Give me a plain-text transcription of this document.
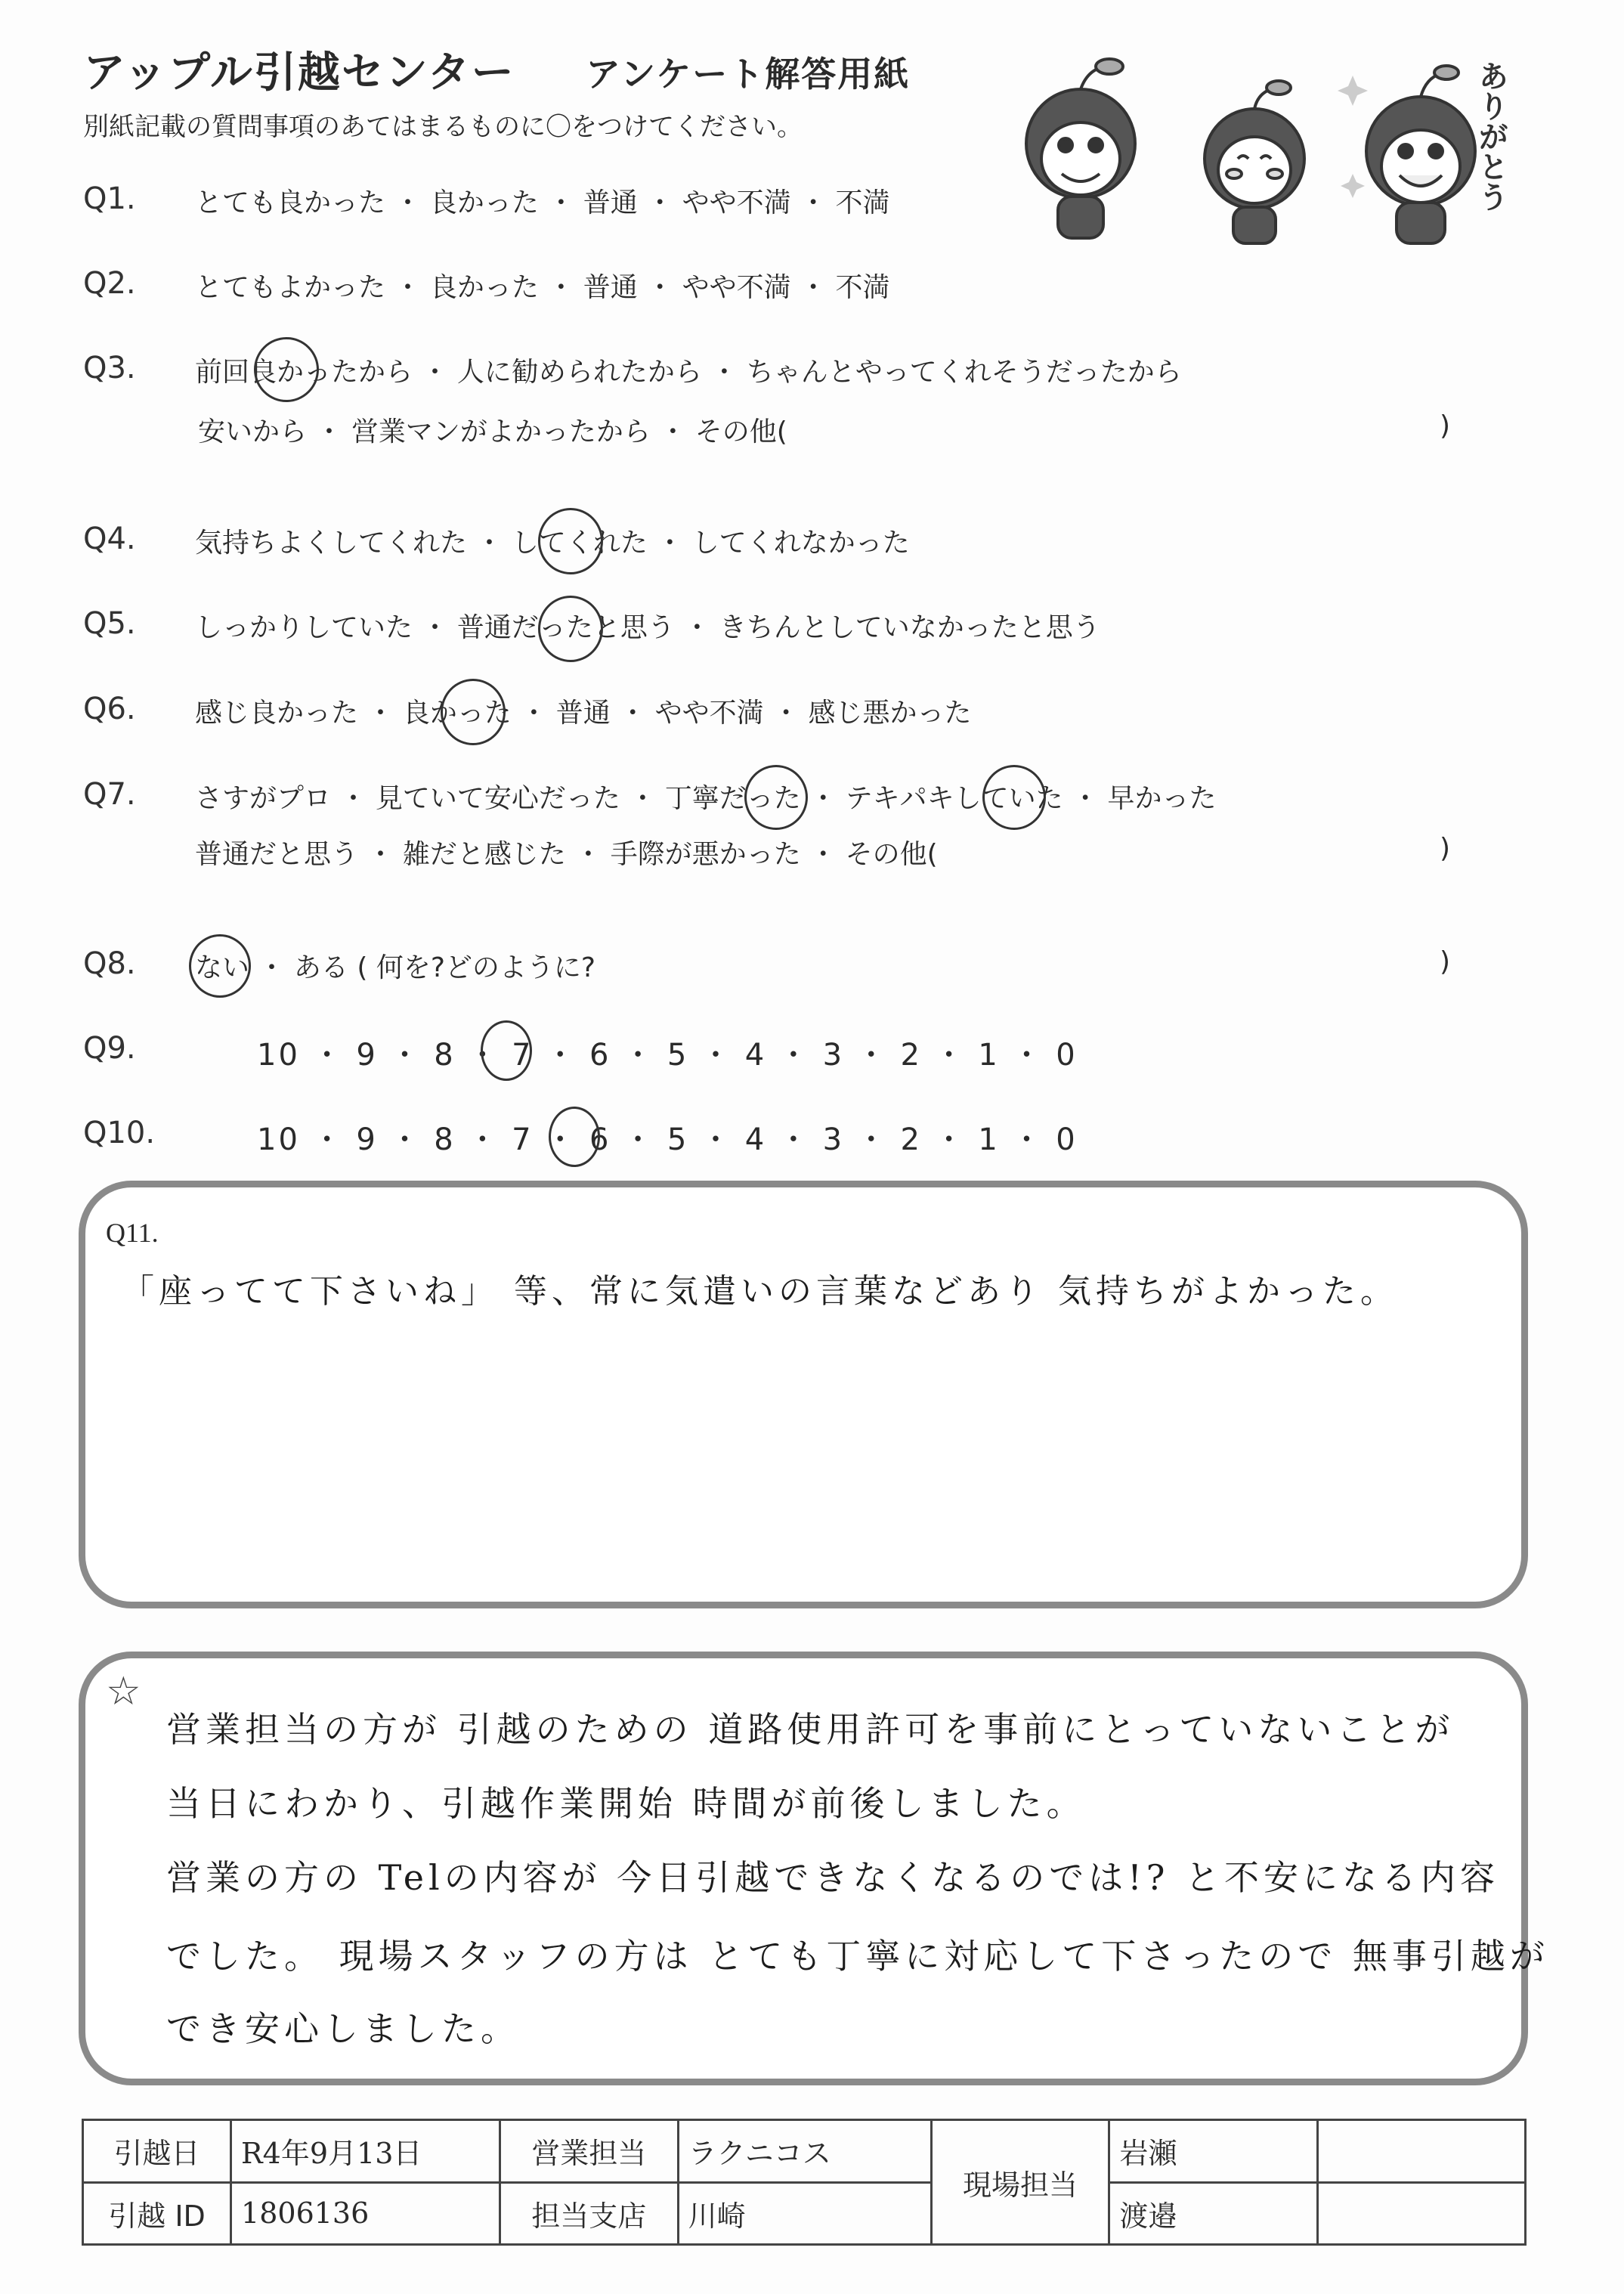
アップル引越センター アンケート解答用紙
別紙記載の質問事項のあてはまるものに〇をつけてください。	ありがとう
Q1. とても良かった ・ 良かった ・ 普通 ・ やや不満 ・ 不満
Q2. とてもよかった ・ 良かった ・ 普通 ・ やや不満 ・ 不満
Q3. 前回良かったから ・ 人に勧められたから ・ ちゃんとやってくれそうだったから
安いから ・ 営業マンがよかったから ・ その他(	)
Q4. 気持ちよくしてくれた ・ してくれた ・ してくれなかった
Q5. しっかりしていた ・ 普通だったと思う ・ きちんとしていなかったと思う
Q6. 感じ良かった ・ 良かった ・ 普通 ・ やや不満 ・ 感じ悪かった
Q7. さすがプロ ・ 見ていて安心だった ・ 丁寧だった ・ テキパキしていた ・ 早かった
普通だと思う ・ 雑だと感じた ・ 手際が悪かった ・ その他(	)
Q8. ない ・ ある ( 何を?どのように?	)
Q9.	10 ・ 9 ・ 8 ・ 7 ・ 6 ・ 5 ・ 4 ・ 3 ・ 2 ・ 1 ・ 0
Q10.	10 ・ 9 ・ 8 ・ 7 ・ 6 ・ 5 ・ 4 ・ 3 ・ 2 ・ 1 ・ 0
Q11.
「座ってて下さいね」 等、常に気遣いの言葉などあり 気持ちがよかった。
☆
営業担当の方が 引越のための 道路使用許可を事前にとっていないことが
当日にわかり、引越作業開始 時間が前後しました。
営業の方の Telの内容が 今日引越できなくなるのでは!? と不安になる内容
でした。 現場スタッフの方は とても丁寧に対応して下さったので 無事引越が
でき安心しました。
引越日	R4年9月13日	営業担当	ラクニコス	現場担当	岩瀬	
引越 ID	1806136	担当支店	川崎		渡邉	
